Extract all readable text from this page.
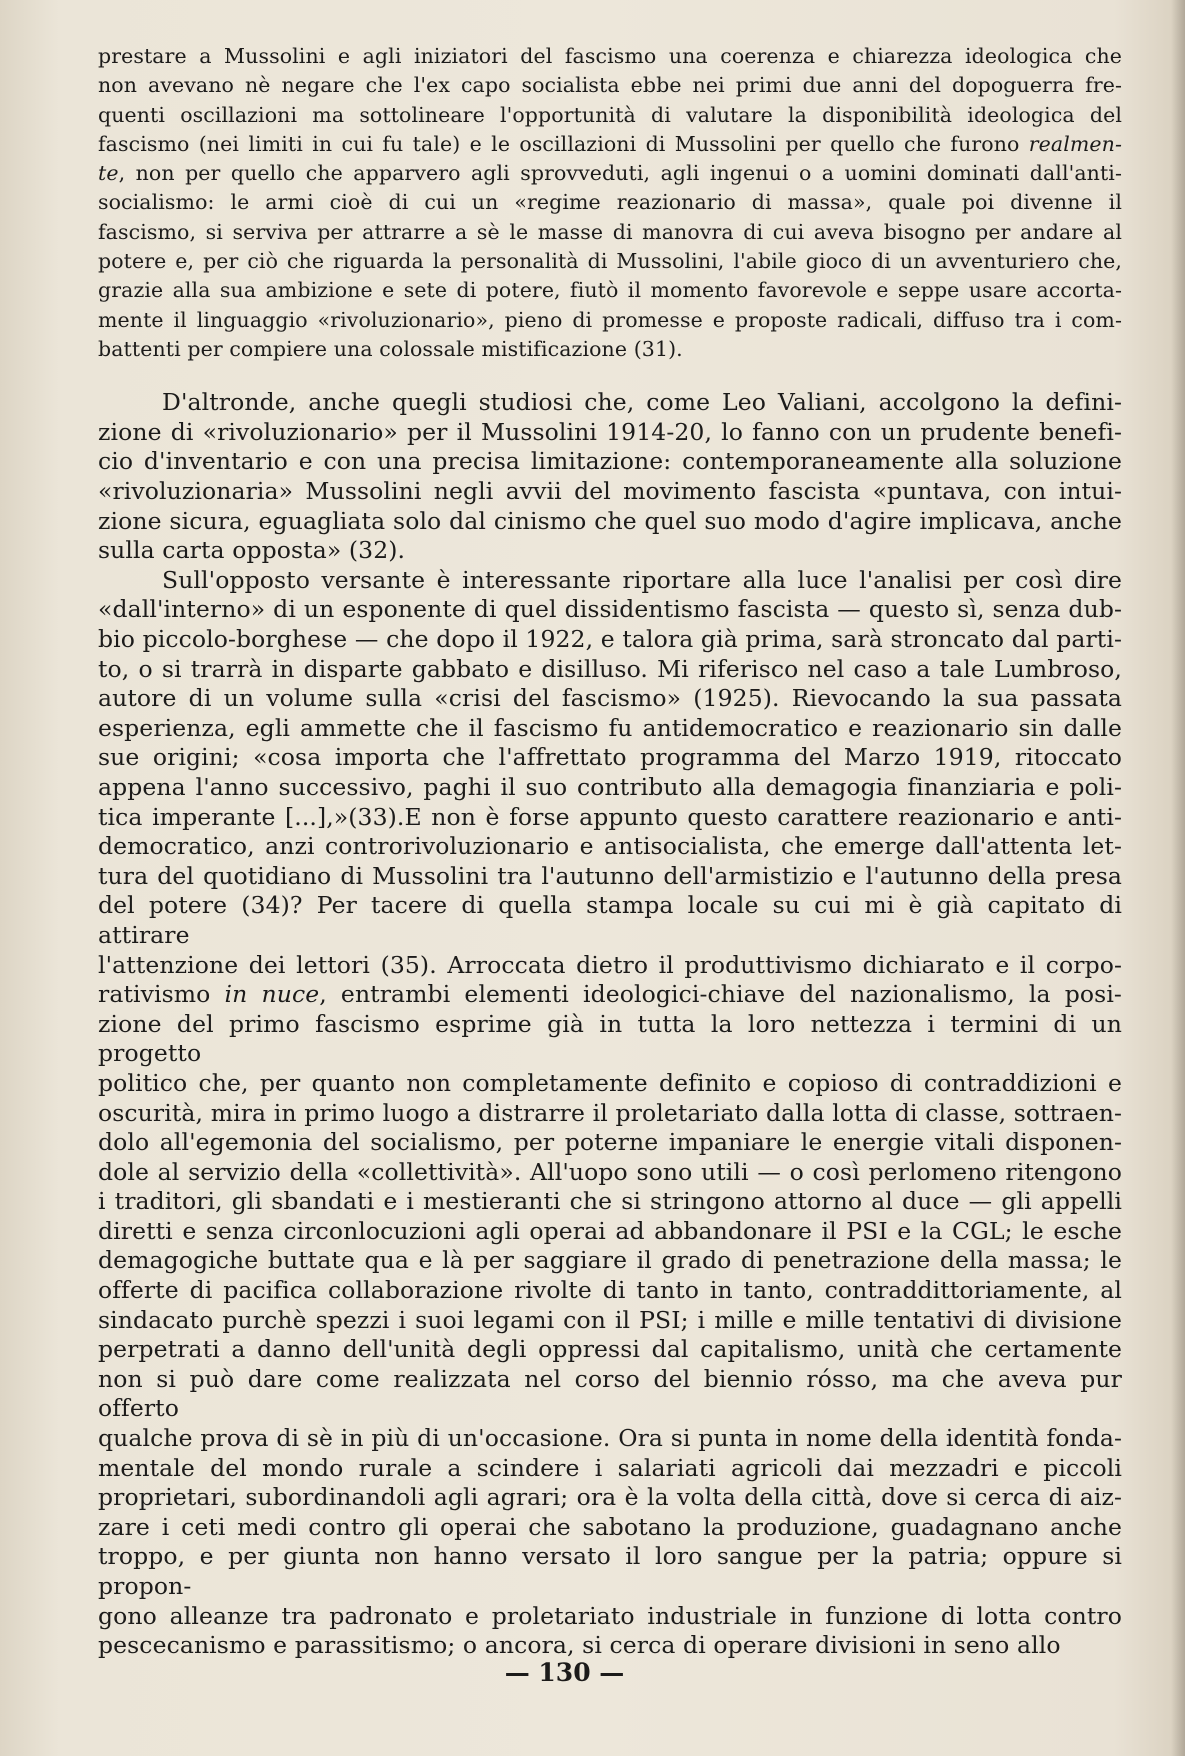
prestare a Mussolini e agli iniziatori del fascismo una coerenza e chiarezza ideologica che
non avevano nè negare che l'ex capo socialista ebbe nei primi due anni del dopoguerra fre-
quenti oscillazioni ma sottolineare l'opportunità di valutare la disponibilità ideologica del
fascismo (nei limiti in cui fu tale) e le oscillazioni di Mussolini per quello che furono realmen-
te, non per quello che apparvero agli sprovveduti, agli ingenui o a uomini dominati dall'anti-
socialismo: le armi cioè di cui un «regime reazionario di massa», quale poi divenne il
fascismo, si serviva per attrarre a sè le masse di manovra di cui aveva bisogno per andare al
potere e, per ciò che riguarda la personalità di Mussolini, l'abile gioco di un avventuriero che,
grazie alla sua ambizione e sete di potere, fiutò il momento favorevole e seppe usare accorta-
mente il linguaggio «rivoluzionario», pieno di promesse e proposte radicali, diffuso tra i com-
battenti per compiere una colossale mistificazione (31).

D'altronde, anche quegli studiosi che, come Leo Valiani, accolgono la defini-
zione di «rivoluzionario» per il Mussolini 1914-20, lo fanno con un prudente benefi-
cio d'inventario e con una precisa limitazione: contemporaneamente alla soluzione
«rivoluzionaria» Mussolini negli avvii del movimento fascista «puntava, con intui-
zione sicura, eguagliata solo dal cinismo che quel suo modo d'agire implicava, anche
sulla carta opposta» (32).

Sull'opposto versante è interessante riportare alla luce l'analisi per così dire
«dall'interno» di un esponente di quel dissidentismo fascista — questo sì, senza dub-
bio piccolo-borghese — che dopo il 1922, e talora già prima, sarà stroncato dal parti-
to, o si trarrà in disparte gabbato e disilluso. Mi riferisco nel caso a tale Lumbroso,
autore di un volume sulla «crisi del fascismo» (1925). Rievocando la sua passata
esperienza, egli ammette che il fascismo fu antidemocratico e reazionario sin dalle
sue origini; «cosa importa che l'affrettato programma del Marzo 1919, ritoccato
appena l'anno successivo, paghi il suo contributo alla demagogia finanziaria e poli-
tica imperante [...],»(33).E non è forse appunto questo carattere reazionario e anti-
democratico, anzi controrivoluzionario e antisocialista, che emerge dall'attenta let-
tura del quotidiano di Mussolini tra l'autunno dell'armistizio e l'autunno della presa
del potere (34)? Per tacere di quella stampa locale su cui mi è già capitato di attirare
l'attenzione dei lettori (35). Arroccata dietro il produttivismo dichiarato e il corpo-
rativismo in nuce, entrambi elementi ideologici-chiave del nazionalismo, la posi-
zione del primo fascismo esprime già in tutta la loro nettezza i termini di un progetto
politico che, per quanto non completamente definito e copioso di contraddizioni e
oscurità, mira in primo luogo a distrarre il proletariato dalla lotta di classe, sottraen-
dolo all'egemonia del socialismo, per poterne impaniare le energie vitali disponen-
dole al servizio della «collettività». All'uopo sono utili — o così perlomeno ritengono
i traditori, gli sbandati e i mestieranti che si stringono attorno al duce — gli appelli
diretti e senza circonlocuzioni agli operai ad abbandonare il PSI e la CGL; le esche
demagogiche buttate qua e là per saggiare il grado di penetrazione della massa; le
offerte di pacifica collaborazione rivolte di tanto in tanto, contraddittoriamente, al
sindacato purchè spezzi i suoi legami con il PSI; i mille e mille tentativi di divisione
perpetrati a danno dell'unità degli oppressi dal capitalismo, unità che certamente
non si può dare come realizzata nel corso del biennio rósso, ma che aveva pur offerto
qualche prova di sè in più di un'occasione. Ora si punta in nome della identità fonda-
mentale del mondo rurale a scindere i salariati agricoli dai mezzadri e piccoli
proprietari, subordinandoli agli agrari; ora è la volta della città, dove si cerca di aiz-
zare i ceti medi contro gli operai che sabotano la produzione, guadagnano anche
troppo, e per giunta non hanno versato il loro sangue per la patria; oppure si propon-
gono alleanze tra padronato e proletariato industriale in funzione di lotta contro
pescecanismo e parassitismo; o ancora, si cerca di operare divisioni in seno allo

— 130 —
